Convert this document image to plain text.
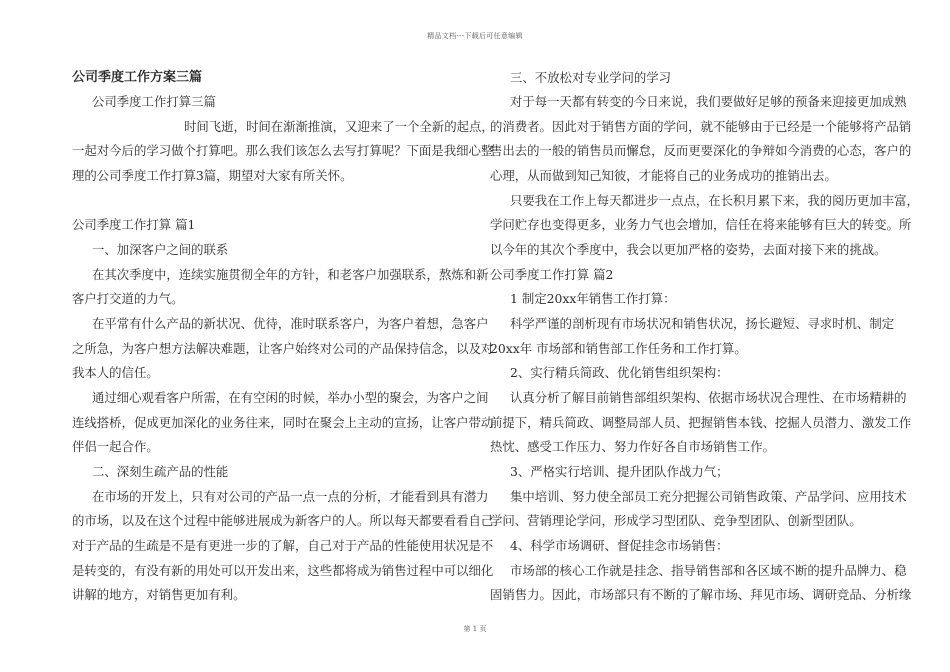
精品文档---下载后可任意编辑
公司季度工作方案三篇
公司季度工作打算三篇
时间飞逝，时间在渐渐推演，又迎来了一个全新的起点，
一起对今后的学习做个打算吧。那么我们该怎么去写打算呢？下面是我细心整
理的公司季度工作打算3篇，期望对大家有所关怀。
公司季度工作打算 篇1
一、加深客户之间的联系
在其次季度中，连续实施贯彻全年的方针，和老客户加强联系，熬炼和新
客户打交道的力气。
在平常有什么产品的新状况、优待，准时联系客户，为客户着想，急客户
之所急，为客户想方法解决难题，让客户始终对公司的产品保持信念，以及对
我本人的信任。
通过细心观看客户所需，在有空闲的时候，举办小型的聚会，为客户之间
连线搭桥，促成更加深化的业务往来，同时在聚会上主动的宣扬，让客户带动
伴侣一起合作。
二、深刻生疏产品的性能
在市场的开发上，只有对公司的产品一点一点的分析，才能看到具有潜力
的市场，以及在这个过程中能够进展成为新客户的人。所以每天都要看看自己
对于产品的生疏是不是有更进一步的了解，自己对于产品的性能使用状况是不
是转变的，有没有新的用处可以开发出来，这些都将成为销售过程中可以细化
讲解的地方，对销售更加有利。
三、不放松对专业学问的学习
对于每一天都有转变的今日来说，我们要做好足够的预备来迎接更加成熟
的消费者。因此对于销售方面的学问，就不能够由于已经是一个能够将产品销
售出去的一般的销售员而懈怠，反而更要深化的争辩如今消费的心态，客户的
心理，从而做到知己知彼，才能将自己的业务成功的推销出去。
只要我在工作上每天都进步一点点，在长积月累下来，我的阅历更加丰富，
学问贮存也变得更多，业务力气也会增加，信任在将来能够有巨大的转变。所
以今年的其次个季度中，我会以更加严格的姿势，去面对接下来的挑战。
公司季度工作打算 篇2
1 制定20xx年销售工作打算：
科学严谨的剖析现有市场状况和销售状况，扬长避短、寻求时机、制定
20xx年 市场部和销售部工作任务和工作打算。
2、实行精兵简政、优化销售组织架构：
认真分析了解目前销售部组织架构、依据市场状况合理性、在市场精耕的
前提下，精兵简政、调整局部人员、把握销售本钱、挖掘人员潜力、激发工作
热忱、感受工作压力、努力作好各自市场销售工作。
3、严格实行培训、提升团队作战力气；
集中培训、努力使全部员工充分把握公司销售政策、产品学问、应用技术
学问、营销理论学问，形成学习型团队、竞争型团队、创新型团队。
4、科学市场调研、督促挂念市场销售：
市场部的核心工作就是挂念、指导销售部和各区域不断的提升品牌力、稳
固销售力。因此，市场部只有不断的了解市场、拜见市场、调研竞品、分析缘
第 1 页
